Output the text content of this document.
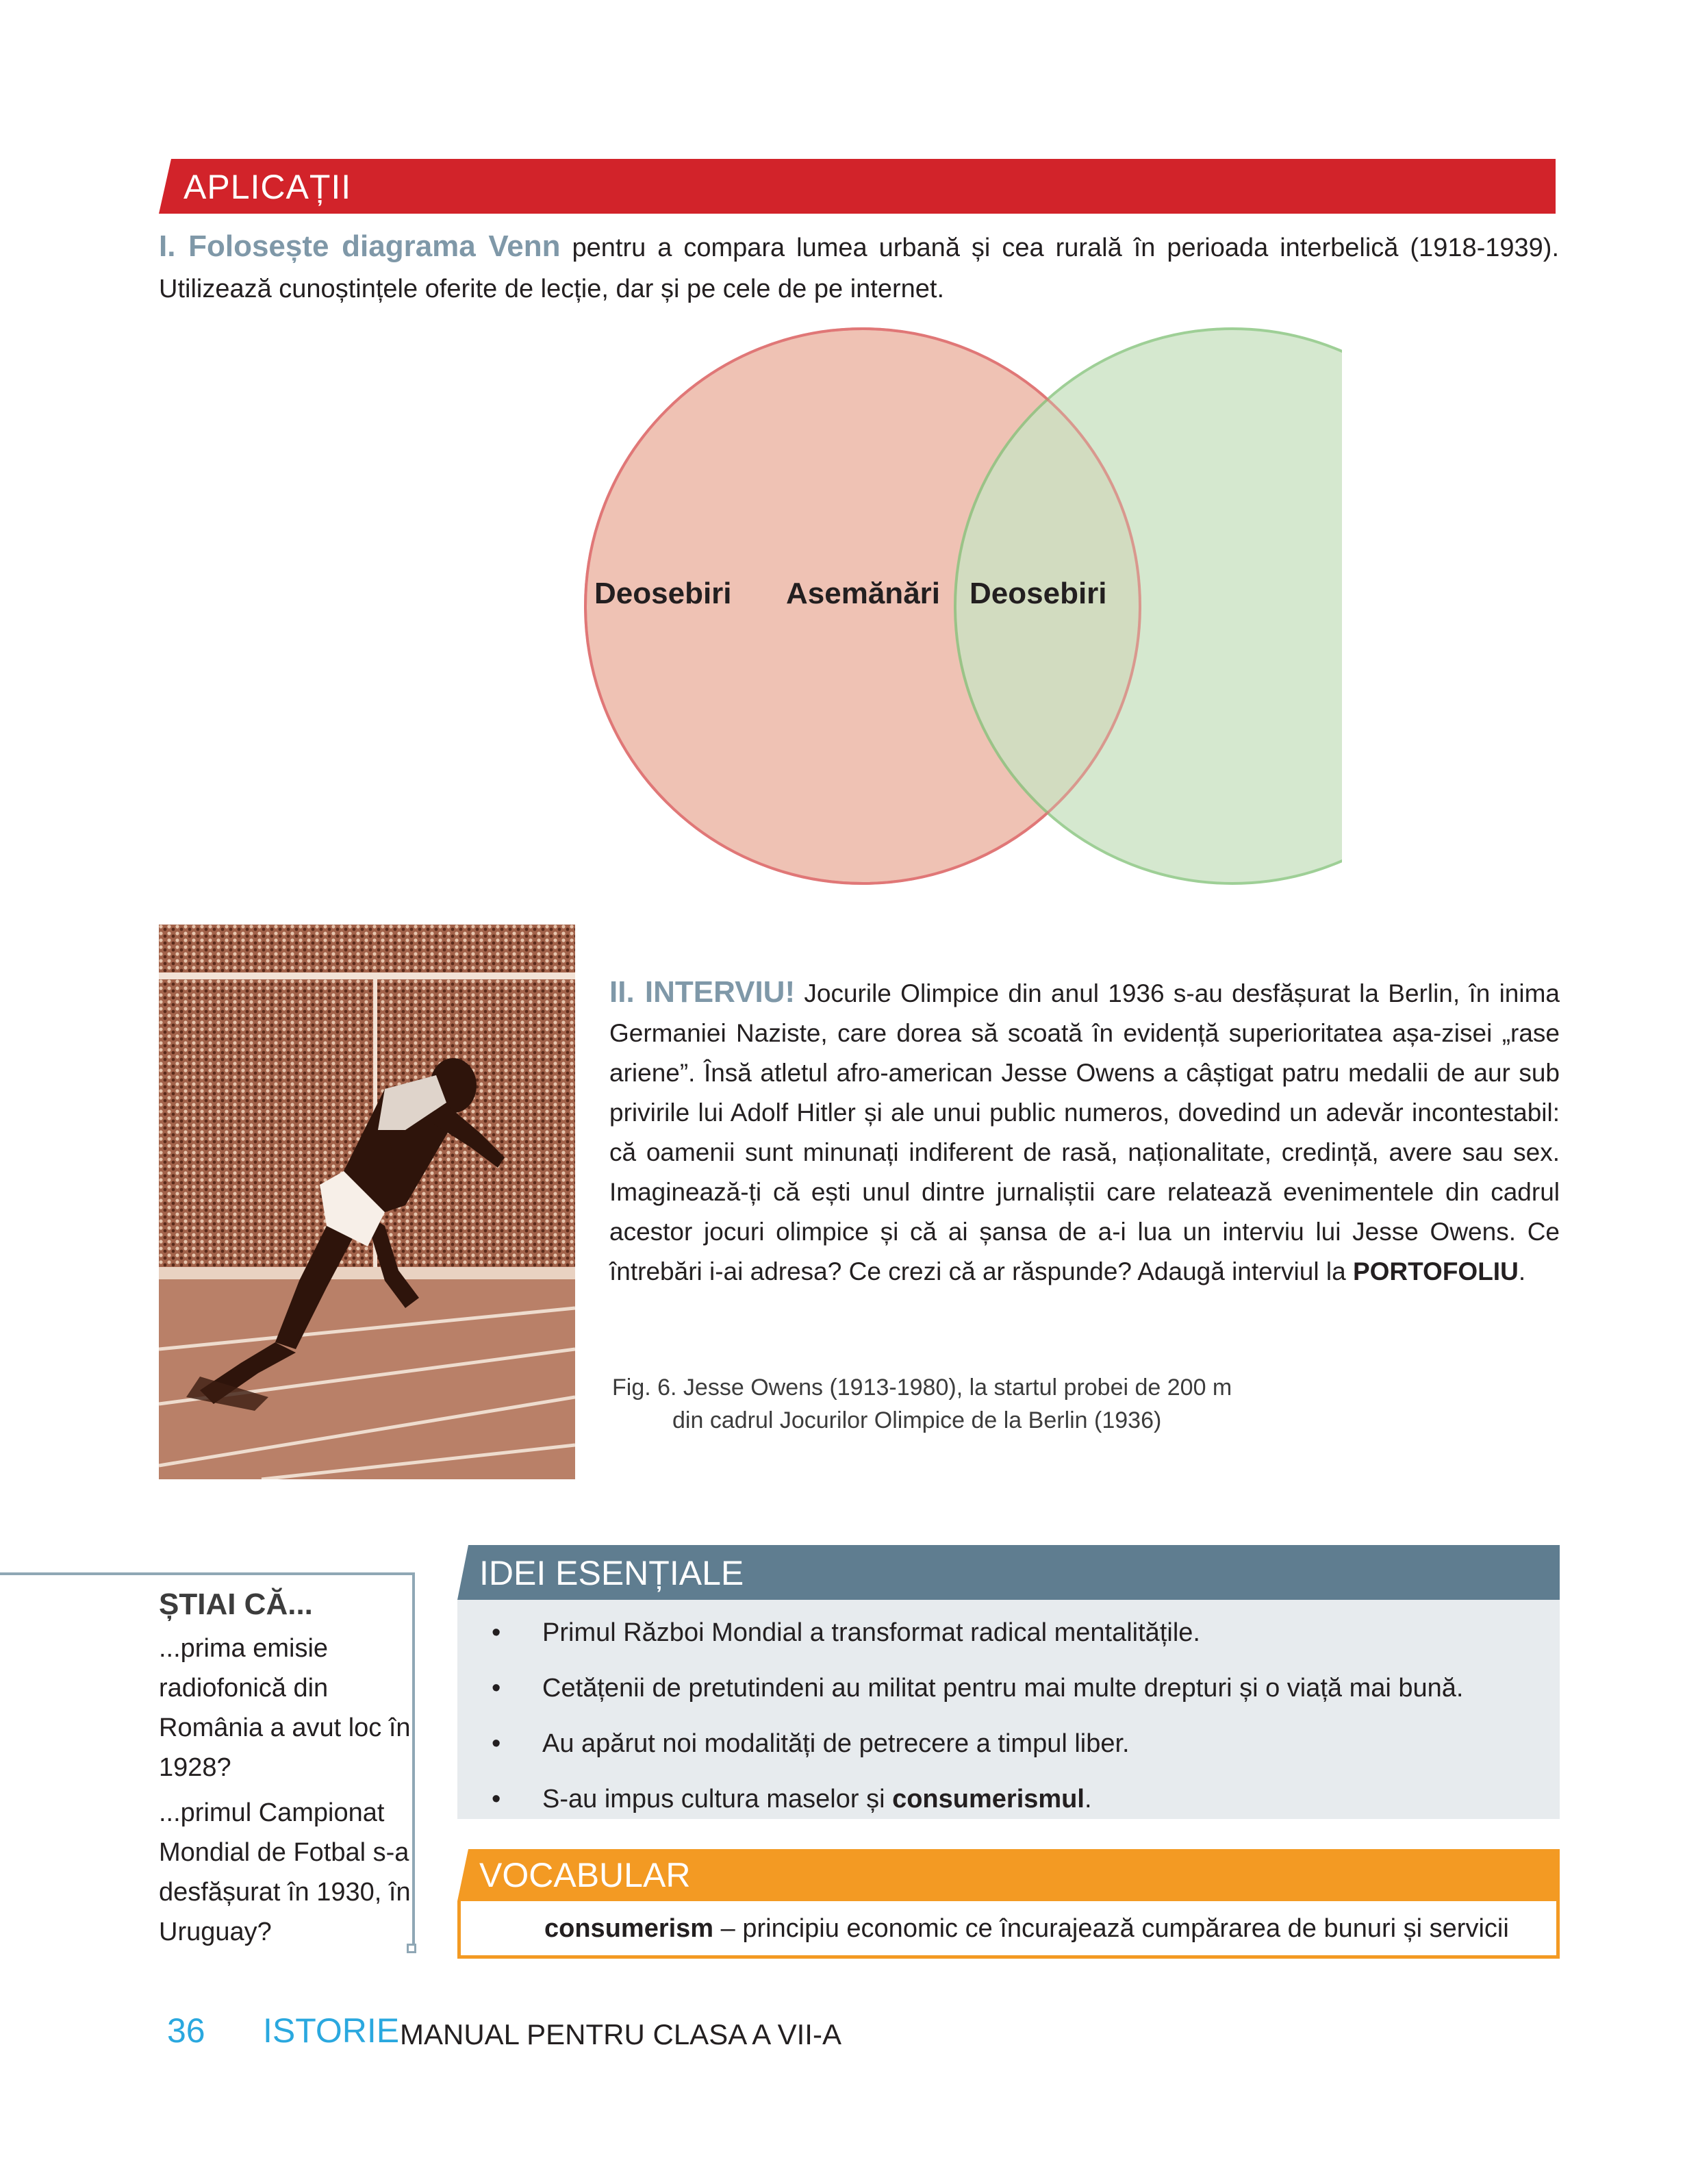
APLICAȚII

I. Folosește diagrama Venn pentru a compara lumea urbană și cea rurală în perioada interbelică (1918-1939). Utilizează cunoștințele oferite de lecție, dar și pe cele de pe internet.

Deosebiri Asemănări Deosebiri

II. INTERVIU! Jocurile Olimpice din anul 1936 s-au desfășurat la Berlin, în inima Germaniei Naziste, care dorea să scoată în evidență superioritatea așa-zisei „rase ariene”. Însă atletul afro-american Jesse Owens a câștigat patru medalii de aur sub privirile lui Adolf Hitler și ale unui public numeros, dovedind un adevăr incontestabil: că oamenii sunt minunați indiferent de rasă, naționalitate, credință, avere sau sex. Imaginează-ți că ești unul dintre jurnaliștii care relatează evenimentele din cadrul acestor jocuri olimpice și că ai șansa de a-i lua un interviu lui Jesse Owens. Ce întrebări i-ai adresa? Ce crezi că ar răspunde? Adaugă interviul la PORTOFOLIU.

Fig. 6. Jesse Owens (1913-1980), la startul probei de 200 m
din cadrul Jocurilor Olimpice de la Berlin (1936)
ȘTIAI CĂ...

...prima emisie radiofonică din România a avut loc în 1928?

...primul Campionat Mondial de Fotbal s-a desfășurat în 1930, în Uruguay?

IDEI ESENȚIALE
• Primul Război Mondial a transformat radical mentalitățile.
• Cetățenii de pretutindeni au militat pentru mai multe drepturi și o viață mai bună.
• Au apărut noi modalități de petrecere a timpul liber.
• S-au impus cultura maselor și consumerismul.
VOCABULAR
consumerism – principiu economic ce încurajează cumpărarea de bunuri și servicii
36 ISTORIE MANUAL PENTRU CLASA A VII-A
